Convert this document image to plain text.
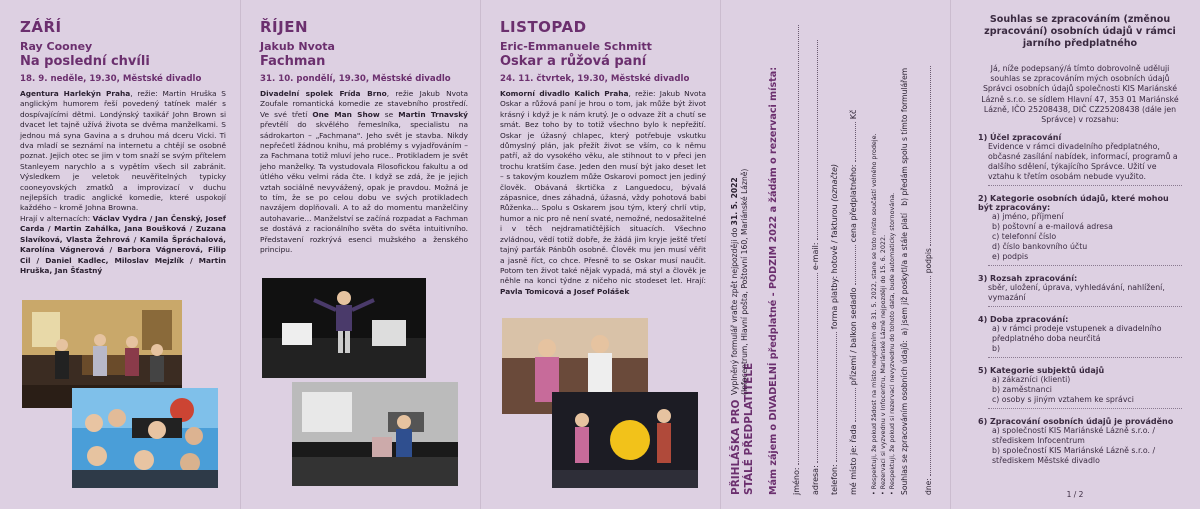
ZÁŘÍ
Ray Cooney
Na poslední chvíli
18. 9. neděle, 19.30, Městské divadlo
Agentura Harlekýn Praha, režie: Martin Hruška S anglickým humorem řeší povedený tatínek malér s dospívajícími dětmi. Londýnský taxikář John Brown si dvacet let tajně užívá života se dvěma manželkami. S jednou má syna Gavina a s druhou má dceru Vicki. Ti dva mladí se seznámí na internetu a chtějí se osobně poznat. Jejich otec se jim v tom snaží se svým přítelem Stanleyem narychlo a s vypětím všech sil zabránit. Výsledkem je veletok neuvěřitelných typicky cooneyovských zmatků a improvizací v duchu nejlepších tradic anglické komedie, které uspokojí každého – kromě Johna Browna.
Hrají v alternacích: Václav Vydra / Jan Čenský, Josef Carda / Martin Zahálka, Jana Boušková / Zuzana Slavíková, Vlasta Žehrová / Kamila Špráchalová, Karolína Vágnerová / Barbora Vágnerová, Filip Cil / Daniel Kadlec, Miloslav Mejzlík / Martin Hruška, Jan Šťastný
ŘÍJEN
Jakub Nvota
Fachman
31. 10. pondělí, 19.30, Městské divadlo
Divadelní spolek Frída Brno, režie Jakub Nvota Zoufale romantická komedie ze stavebního prostředí. Ve své třetí One Man Show se Martin Trnavský převtělí do skvělého řemeslníka, specialistu na sádrokarton – „Fachmana". Jeho svět je stavba. Nikdy nepřečetl žádnou knihu, má problémy s vyjadřováním – za Fachmana totiž mluví jeho ruce.. Protikladem je svět jeho manželky. Ta vystudovala Filosofickou fakultu a od útlého věku velmi ráda čte. I když se zdá, že je jejich vztah sociálně nevyvážený, opak je pravdou. Možná je to tím, že se po celou dobu ve svých protikladech navzájem doplňovali. A to až do momentu manželčiny autohavarie... Manželství se začíná rozpadat a Fachman se dostává z racionálního světa do světa intuitivního. Představení rozkrývá esenci mužského a ženského principu.
LISTOPAD
Eric-Emmanuele Schmitt
Oskar a růžová paní
24. 11. čtvrtek, 19.30, Městské divadlo
Komorní divadlo Kalich Praha, režie: Jakub Nvota Oskar a růžová paní je hrou o tom, jak může být život krásný i když je k nám krutý. Je o odvaze žít a chutí se smát. Bez toho by to totiž všechno bylo k nepřežití. Oskar je úžasný chlapec, který potřebuje vskutku důmyslný plán, jak přežít život se vším, co k němu patří, až do vysokého věku, ale stihnout to v přeci jen trochu kratším čase. Jeden den musí být jako deset let – s takovým kouzlem může Oskarovi pomoct jen jediný člověk. Obávaná škrtička z Languedocu, bývalá zápasnice, dnes záhadná, úžasná, vždy pohotová babi Růženka... Spolu s Oskarem jsou tým, který chrlí vtip, humor a nic pro ně není svaté, nemožné, nedosažitelné i v těch nejdramatičtějších situacích. Všechno zvládnou, vědí totiž dobře, že žádá jim kryje ještě třetí tajný parťák Pánbůh osobně. Člověk mu jen musí věřit a jasně říct, co chce. Přesně to se Oskar musí naučit. Potom ten život také nějak vypadá, má styl a člověk je něhle na konci týdne z ničeho nic stodeset let. Hrají: Pavla Tomicová a Josef Polášek
PŘIHLÁŠKA PRO STÁLÉ PŘEDPLATITELE
Vyplněný formulář vraťte zpět nejpozději do 31. 5. 2022
(Infocentrum, Hlavní pošta, Poštovní 160, Mariánské Lázně) Mám zájem o DIVADELNÍ předplatné - PODZIM 2022 a žádám o rezervaci místa: jméno: adresa:  e-mail:
telefon:  forma platby: hotově / fakturou (označte)
mé místo je: řada  přízemí / balkon sedadlo  cena předplatného:  Kč
• Respektuji, že pokud žádost na místo neuplatním do 31. 5. 2022, stane se toto místo součástí volného prodeje. • Rezervaci si vyzvednu v Infocentru, Mariánské Lázně nejpozději do 15. 6. 2022. • Respektuji, že pokud si rezervaci nevyzvednu do tohoto data, bude automaticky stornována. Souhlas se zpracováním osobních údajů:  a) jsem již poskytl/a a stále platí   b) předám spolu s tímto formulářem
dne:  podpis
Souhlas se zpracováním (změnou zpracování) osobních údajů v rámci jarního předplatného
Já, níže podepsaný/á tímto dobrovolně uděluji souhlas se zpracováním mých osobních údajů Správci osobních údajů společnosti KIS Mariánské Lázně s.r.o. se sídlem Hlavní 47, 353 01 Mariánské Lázně, IČO 25208438, DIČ CZ25208438 (dále jen Správce) v rozsahu:
1) Účel zpracování
Evidence v rámci divadelního předplatného, občasné zasílání nabídek, informací, programů a dalšího sdělení, týkajícího Správce. Užití ve vztahu k třetím osobám nebude využito.
2) Kategorie osobních údajů, které mohou být zpracovány:
a) jméno, příjmení
b) poštovní a e-mailová adresa
c) telefonní číslo
d) číslo bankovního účtu
e) podpis
3) Rozsah zpracování:
sběr, uložení, úprava, vyhledávání, nahlížení, vymazání
4) Doba zpracování:
a) v rámci prodeje vstupenek a divadelního předplatného doba neurčitá
b)
5) Kategorie subjektů údajů
a) zákazníci (klienti)
b) zaměstnanci
c) osoby s jiným vztahem ke správci
6) Zpracování osobních údajů je prováděno
a) společností KIS Mariánské Lázně s.r.o. / střediskem Infocentrum
b) společností KIS Mariánské Lázně s.r.o. / střediskem Městské divadlo
1 / 2
